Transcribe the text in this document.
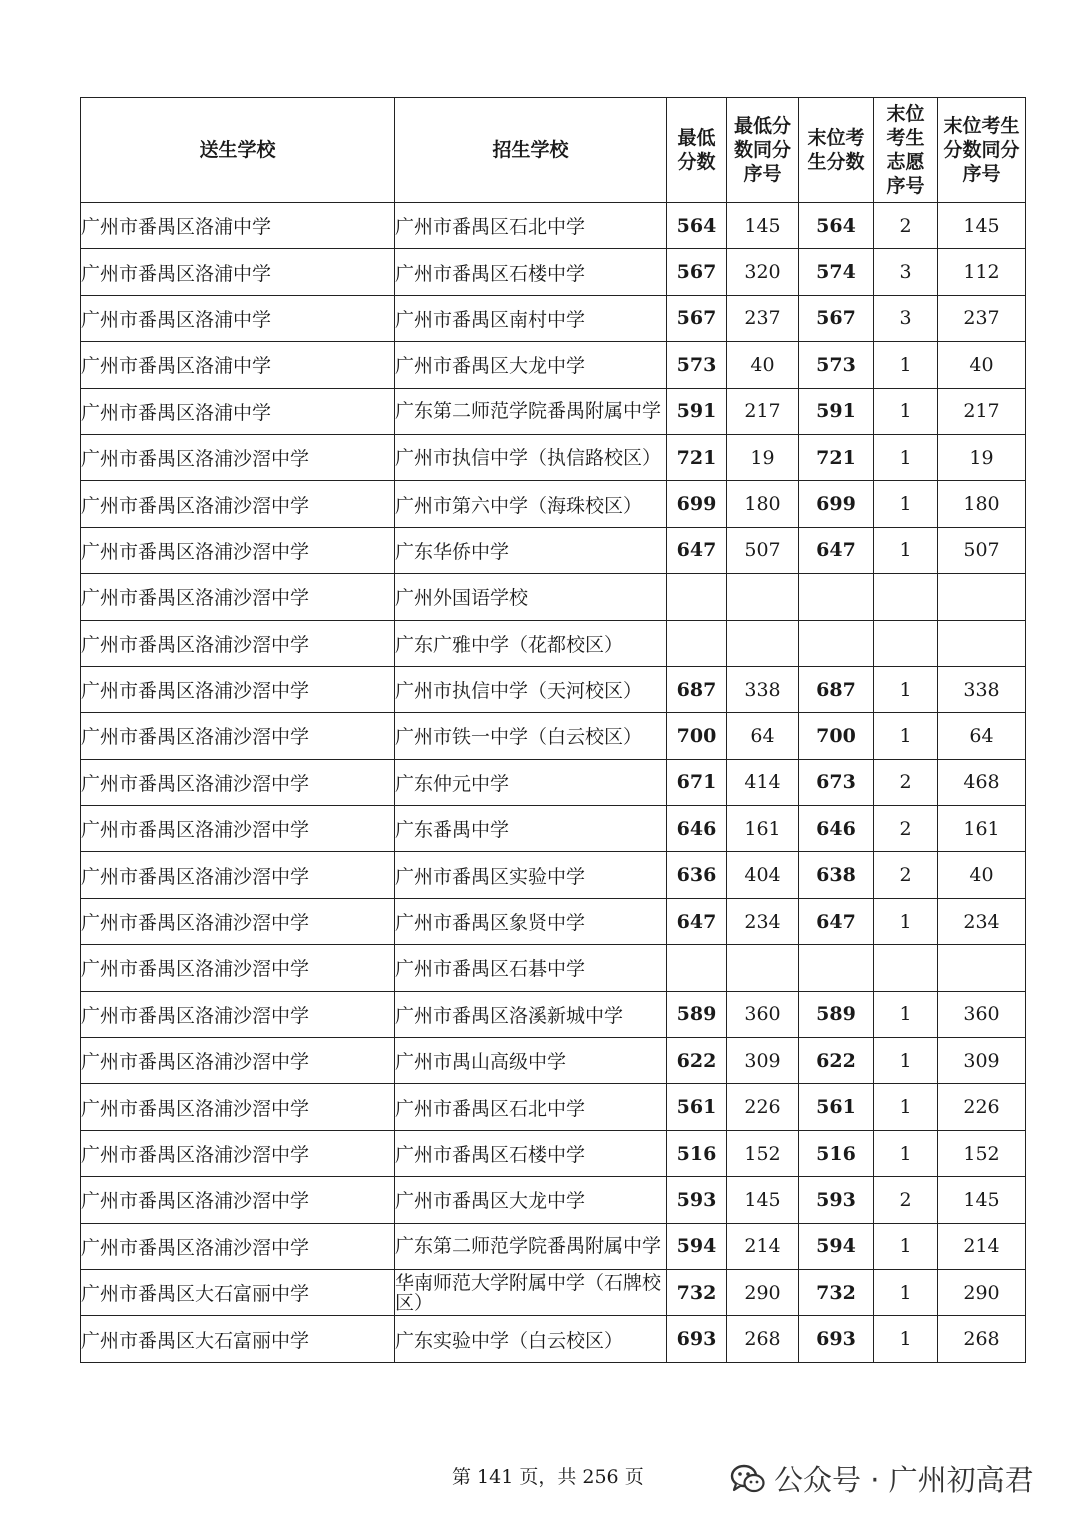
送生学校	招生学校	最低分数	最低分数同分序号	末位考生分数	末位考生志愿序号	末位考生分数同分序号
广州市番禺区洛浦中学	广州市番禺区石北中学	564	145	564	2	145
广州市番禺区洛浦中学	广州市番禺区石楼中学	567	320	574	3	112
广州市番禺区洛浦中学	广州市番禺区南村中学	567	237	567	3	237
广州市番禺区洛浦中学	广州市番禺区大龙中学	573	40	573	1	40
广州市番禺区洛浦中学	广东第二师范学院番禺附属中学	591	217	591	1	217
广州市番禺区洛浦沙滘中学	广州市执信中学（执信路校区）	721	19	721	1	19
广州市番禺区洛浦沙滘中学	广州市第六中学（海珠校区）	699	180	699	1	180
广州市番禺区洛浦沙滘中学	广东华侨中学	647	507	647	1	507
广州市番禺区洛浦沙滘中学	广州外国语学校					
广州市番禺区洛浦沙滘中学	广东广雅中学（花都校区）					
广州市番禺区洛浦沙滘中学	广州市执信中学（天河校区）	687	338	687	1	338
广州市番禺区洛浦沙滘中学	广州市铁一中学（白云校区）	700	64	700	1	64
广州市番禺区洛浦沙滘中学	广东仲元中学	671	414	673	2	468
广州市番禺区洛浦沙滘中学	广东番禺中学	646	161	646	2	161
广州市番禺区洛浦沙滘中学	广州市番禺区实验中学	636	404	638	2	40
广州市番禺区洛浦沙滘中学	广州市番禺区象贤中学	647	234	647	1	234
广州市番禺区洛浦沙滘中学	广州市番禺区石碁中学					
广州市番禺区洛浦沙滘中学	广州市番禺区洛溪新城中学	589	360	589	1	360
广州市番禺区洛浦沙滘中学	广州市禺山高级中学	622	309	622	1	309
广州市番禺区洛浦沙滘中学	广州市番禺区石北中学	561	226	561	1	226
广州市番禺区洛浦沙滘中学	广州市番禺区石楼中学	516	152	516	1	152
广州市番禺区洛浦沙滘中学	广州市番禺区大龙中学	593	145	593	2	145
广州市番禺区洛浦沙滘中学	广东第二师范学院番禺附属中学	594	214	594	1	214
广州市番禺区大石富丽中学	华南师范大学附属中学（石牌校区）	732	290	732	1	290
广州市番禺区大石富丽中学	广东实验中学（白云校区）	693	268	693	1	268
第 141 页，共 256 页	公众号 · 广州初高君
